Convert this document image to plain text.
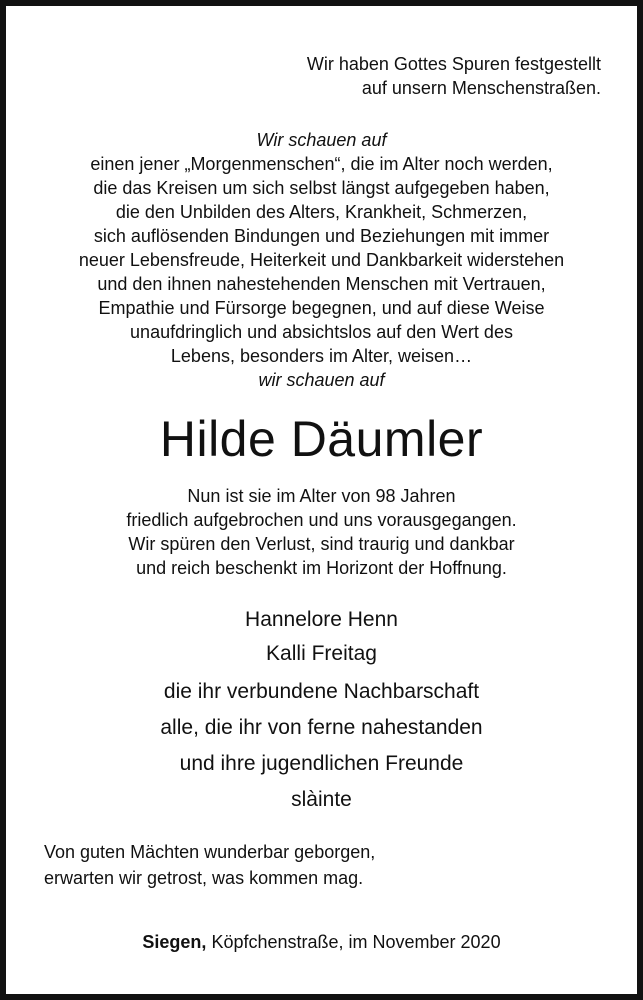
Wir haben Gottes Spuren festgestellt
auf unsern Menschenstraßen.
Wir schauen auf
einen jener „Morgenmenschen“, die im Alter noch werden,
die das Kreisen um sich selbst längst aufgegeben haben,
die den Unbilden des Alters, Krankheit, Schmerzen,
sich auflösenden Bindungen und Beziehungen mit immer
neuer Lebensfreude, Heiterkeit und Dankbarkeit widerstehen
und den ihnen nahestehenden Menschen mit Vertrauen,
Empathie und Fürsorge begegnen, und auf diese Weise
unaufdringlich und absichtslos auf den Wert des
Lebens, besonders im Alter, weisen…
wir schauen auf
Hilde Däumler
Nun ist sie im Alter von 98 Jahren
friedlich aufgebrochen und uns vorausgegangen.
Wir spüren den Verlust, sind traurig und dankbar
und reich beschenkt im Horizont der Hoffnung.
Hannelore Henn
Kalli Freitag
die ihr verbundene Nachbarschaft
alle, die ihr von ferne nahestanden
und ihre jugendlichen Freunde
slàinte
Von guten Mächten wunderbar geborgen,
erwarten wir getrost, was kommen mag.
Siegen, Köpfchenstraße, im November 2020
